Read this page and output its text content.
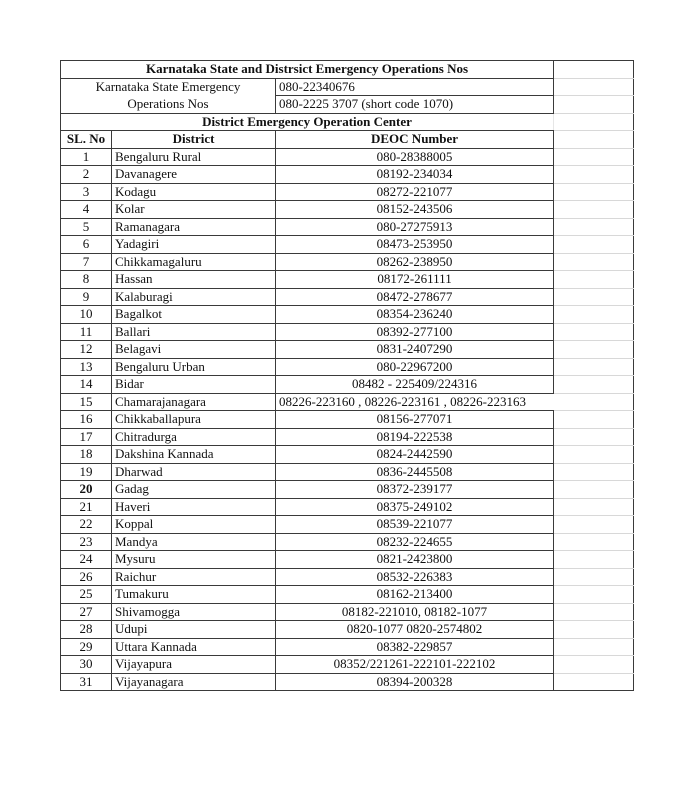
Karnataka State and Distrsict Emergency Operations Nos			
Karnataka State Emergency		080-22340676	
Operations Nos		080-2225 3707 (short code 1070)	
District Emergency Operation Center			
SL. No	District	DEOC Number	
1	Bengaluru Rural	080-28388005	
2	Davanagere	08192-234034	
3	Kodagu	08272-221077	
4	Kolar	08152-243506	
5	Ramanagara	080-27275913	
6	Yadagiri	08473-253950	
7	Chikkamagaluru	08262-238950	
8	Hassan	08172-261111	
9	Kalaburagi	08472-278677	
10	Bagalkot	08354-236240	
11	Ballari	08392-277100	
12	Belagavi	0831-2407290	
13	Bengaluru Urban	080-22967200	
14	Bidar	08482 - 225409/224316	
15	Chamarajanagara	08226-223160 , 08226-223161 , 08226-223163	
16	Chikkaballapura	08156-277071	
17	Chitradurga	08194-222538	
18	Dakshina Kannada	0824-2442590	
19	Dharwad	0836-2445508	
20	Gadag	08372-239177	
21	Haveri	08375-249102	
22	Koppal	08539-221077	
23	Mandya	08232-224655	
24	Mysuru	0821-2423800	
26	Raichur	08532-226383	
25	Tumakuru	08162-213400	
27	Shivamogga	08182-221010, 08182-1077	
28	Udupi	0820-1077 0820-2574802	
29	Uttara Kannada	08382-229857	
30	Vijayapura	08352/221261-222101-222102	
31	Vijayanagara	08394-200328	
